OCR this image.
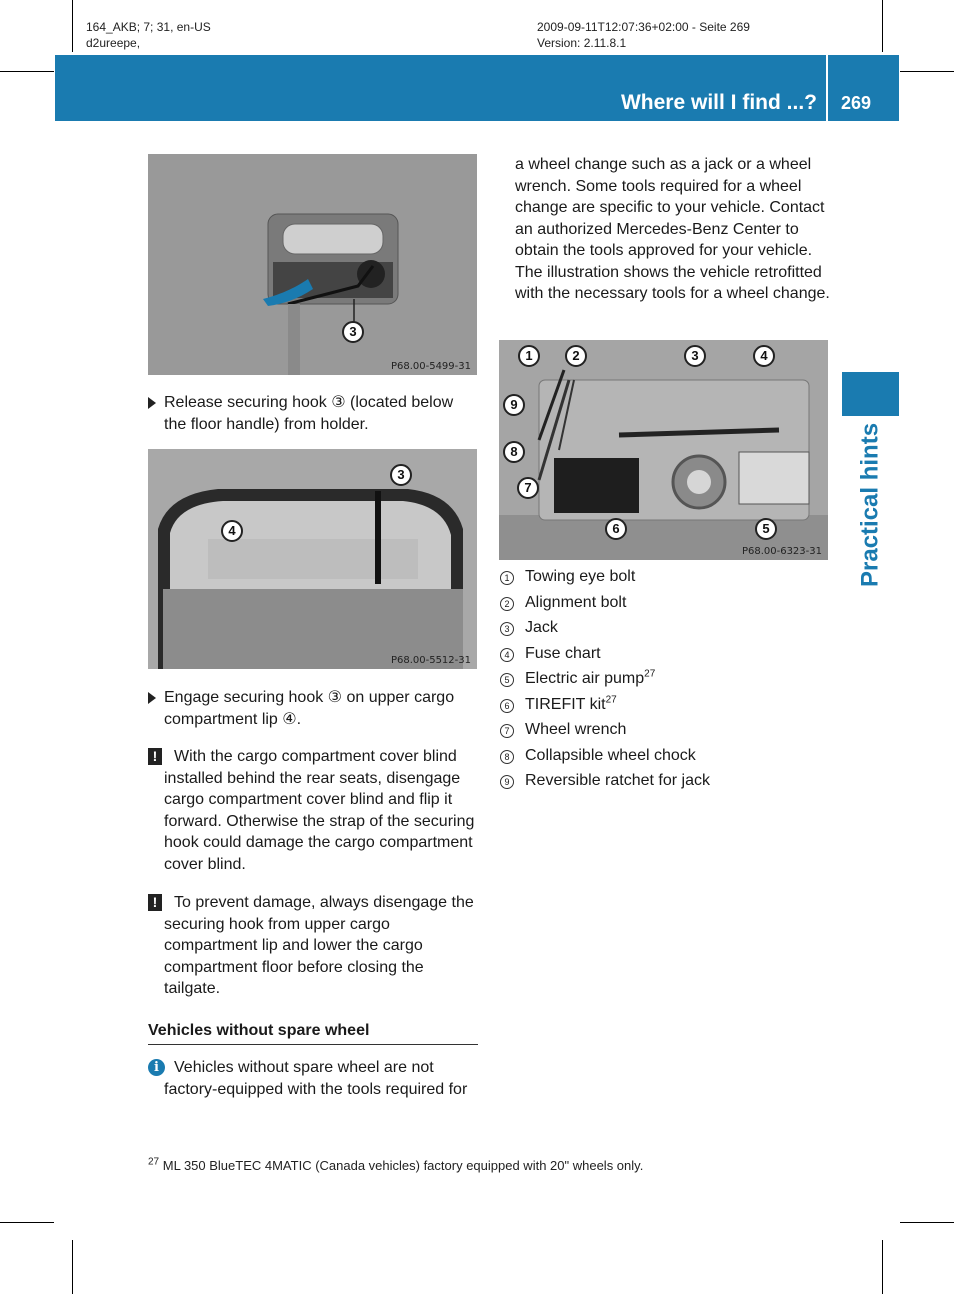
164_AKB; 7; 31, en-US
d2ureepe,
2009-09-11T12:07:36+02:00 - Seite 269
Version: 2.11.8.1
Where will I find ...? 269
Practical hints
3
P68.00-5499-31
Release securing hook ③ (located below the floor handle) from holder.
3
4
P68.00-5512-31
Engage securing hook ③ on upper cargo compartment lip ④.
!	With the cargo compartment cover blind installed behind the rear seats, disengage cargo compartment cover blind and flip it forward. Otherwise the strap of the securing hook could damage the cargo compartment cover blind.
!	To prevent damage, always disengage the securing hook from upper cargo compartment lip and lower the cargo compartment floor before closing the tailgate.
Vehicles without spare wheel
i Vehicles without spare wheel are not factory-equipped with the tools required for
a wheel change such as a jack or a wheel wrench. Some tools required for a wheel change are specific to your vehicle. Contact an authorized Mercedes-Benz Center to obtain the tools approved for your vehicle. The illustration shows the vehicle retrofitted with the necessary tools for a wheel change.
1	2	3	4
5
6
7
8
9
P68.00-6323-31
1 Towing eye bolt
2 Alignment bolt
3 Jack
4 Fuse chart
5 Electric air pump$^{27}$
6 TIREFIT kit$^{27}$
7 Wheel wrench
8 Collapsible wheel chock
9 Reversible ratchet for jack
$^{27}$ ML 350 BlueTEC 4MATIC (Canada vehicles) factory equipped with 20" wheels only.
